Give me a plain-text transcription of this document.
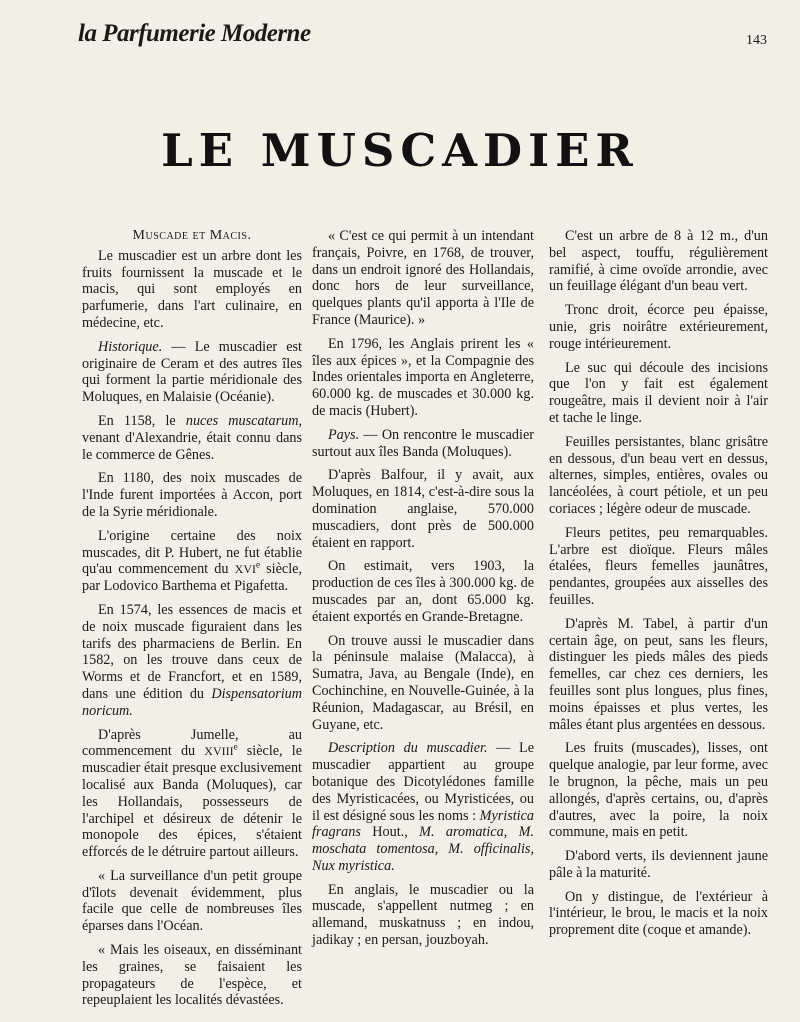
la Parfumerie Moderne	143
LE MUSCADIER
Muscade et Macis.

Le muscadier est un arbre dont les fruits fournissent la muscade et le macis, qui sont employés en parfumerie, dans l'art culinaire, en médecine, etc.

Historique. — Le muscadier est originaire de Ceram et des autres îles qui forment la partie méridionale des Moluques, en Malaisie (Océanie).

En 1158, le nuces muscatarum, venant d'Alexandrie, était connu dans le commerce de Gênes.

En 1180, des noix muscades de l'Inde furent importées à Accon, port de la Syrie méridionale.

L'origine certaine des noix muscades, dit P. Hubert, ne fut établie qu'au commencement du XVIe siècle, par Lodovico Barthema et Pigafetta.

En 1574, les essences de macis et de noix muscade figuraient dans les tarifs des pharmaciens de Berlin. En 1582, on les trouve dans ceux de Worms et de Francfort, et en 1589, dans une édition du Dispensatorium noricum.

D'après Jumelle, au commencement du XVIIIe siècle, le muscadier était presque exclusivement localisé aux Banda (Moluques), car les Hollandais, possesseurs de l'archipel et désireux de détenir le monopole des épices, s'étaient efforcés de le détruire partout ailleurs.

« La surveillance d'un petit groupe d'îlots devenait évidemment, plus facile que celle de nombreuses îles éparses dans l'Océan.

« Mais les oiseaux, en disséminant les graines, se faisaient les propagateurs de l'espèce, et repeuplaient les localités dévastées.

« C'est ce qui permit à un intendant français, Poivre, en 1768, de trouver, dans un endroit ignoré des Hollandais, donc hors de leur surveillance, quelques plants qu'il apporta à l'Ile de France (Maurice). »

En 1796, les Anglais prirent les « îles aux épices », et la Compagnie des Indes orientales importa en Angleterre, 60.000 kg. de muscades et 30.000 kg. de macis (Hubert).

Pays. — On rencontre le muscadier surtout aux îles Banda (Moluques).

D'après Balfour, il y avait, aux Moluques, en 1814, c'est-à-dire sous la domination anglaise, 570.000 muscadiers, dont près de 500.000 étaient en rapport.

On estimait, vers 1903, la production de ces îles à 300.000 kg. de muscades par an, dont 65.000 kg. étaient exportés en Grande-Bretagne.

On trouve aussi le muscadier dans la péninsule malaise (Malacca), à Sumatra, Java, au Bengale (Inde), en Cochinchine, en Nouvelle-Guinée, à la Réunion, Madagascar, au Brésil, en Guyane, etc.

Description du muscadier. — Le muscadier appartient au groupe botanique des Dicotylédones famille des Myristicacées, ou Myristicées, ou il est désigné sous les noms : Myristica fragrans Hout., M. aromatica, M. moschata tomentosa, M. officinalis, Nux myristica.

En anglais, le muscadier ou la muscade, s'appellent nutmeg ; en allemand, muskatnuss ; en indou, jadikay ; en persan, jouzboyah.

C'est un arbre de 8 à 12 m., d'un bel aspect, touffu, régulièrement ramifié, à cime ovoïde arrondie, avec un feuillage élégant d'un beau vert.

Tronc droit, écorce peu épaisse, unie, gris noirâtre extérieurement, rouge intérieurement.

Le suc qui découle des incisions que l'on y fait est également rougeâtre, mais il devient noir à l'air et tache le linge.

Feuilles persistantes, blanc grisâtre en dessous, d'un beau vert en dessus, alternes, simples, entières, ovales ou lancéolées, à court pétiole, et un peu coriaces ; légère odeur de muscade.

Fleurs petites, peu remarquables. L'arbre est dioïque. Fleurs mâles étalées, fleurs femelles jaunâtres, pendantes, groupées aux aisselles des feuilles.

D'après M. Tabel, à partir d'un certain âge, on peut, sans les fleurs, distinguer les pieds mâles des pieds femelles, car chez ces derniers, les feuilles sont plus longues, plus fines, moins épaisses et plus vertes, les mâles étant plus argentées en dessous.

Les fruits (muscades), lisses, ont quelque analogie, par leur forme, avec le brugnon, la pêche, mais un peu allongés, d'après certains, ou, d'après d'autres, avec la poire, la noix commune, mais en petit.

D'abord verts, ils deviennent jaune pâle à la maturité.

On y distingue, de l'extérieur à l'intérieur, le brou, le macis et la noix proprement dite (coque et amande).
